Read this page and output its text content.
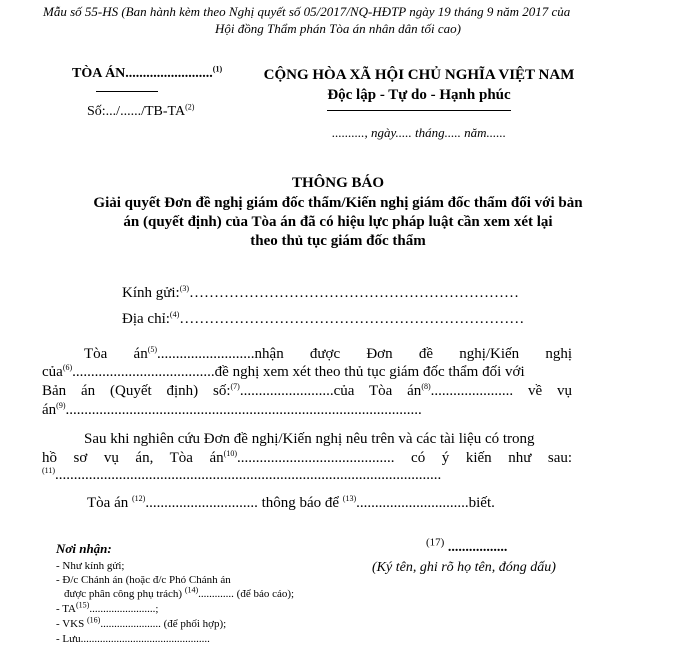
Mẫu số 55-HS (Ban hành kèm theo Nghị quyết số 05/2017/NQ-HĐTP ngày 19 tháng 9 năm 2017 của
Hội đồng Thẩm phán Tòa án nhân dân tối cao)
TÒA ÁN.........................$^{(1)}$
Số:.../....../TB-TA$^{(2)}$
CỘNG HÒA XÃ HỘI CHỦ NGHĨA VIỆT NAM
Độc lập - Tự do - Hạnh phúc
.........., ngày..... tháng..... năm......
THÔNG BÁO
Giải quyết Đơn đề nghị giám đốc thẩm/Kiến nghị giám đốc thẩm đối với bản
án (quyết định) của Tòa án đã có hiệu lực pháp luật cần xem xét lại
theo thủ tục giám đốc thẩm
Kính gửi:$^{(3)}$…………………………………………………………
Địa chỉ:$^{(4)}$……………………………………………………………
Tòa $án^{(5)}..........................nhận$ được Đơn đề nghị/Kiến nghị
của$^{(6)}$......................................đề nghị xem xét theo thủ tục giám đốc thẩm đối với
Bản án (Quyết định) số:$^{(7)}$.........................của Tòa $án^{(8)}$...................... về vụ
$án^{(9)}$...............................................................................................
Sau khi nghiên cứu Đơn đề nghị/Kiến nghị nêu trên và các tài liệu có trong
hồ sơ vụ án, Tòa $án^{(10)}$.......................................... có ý kiến như sau:
$^{(11)}$.......................................................................................................
Tòa án $^{(12)}$.............................. thông báo để $^{(13)}$..............................biết.
Nơi nhận:
- Như kính gửi;
- Đ/c Chánh án (hoặc đ/c Phó Chánh án
được phân công phụ trách) $^{(14)}$............. (để báo cáo);
- TA$^{(15)}$........................;
- VKS $^{(16)}$...................... (để phối hợp);
- Lưu...............................................
$^{(17)}$ .................
(Ký tên, ghi rõ họ tên, đóng dấu)
